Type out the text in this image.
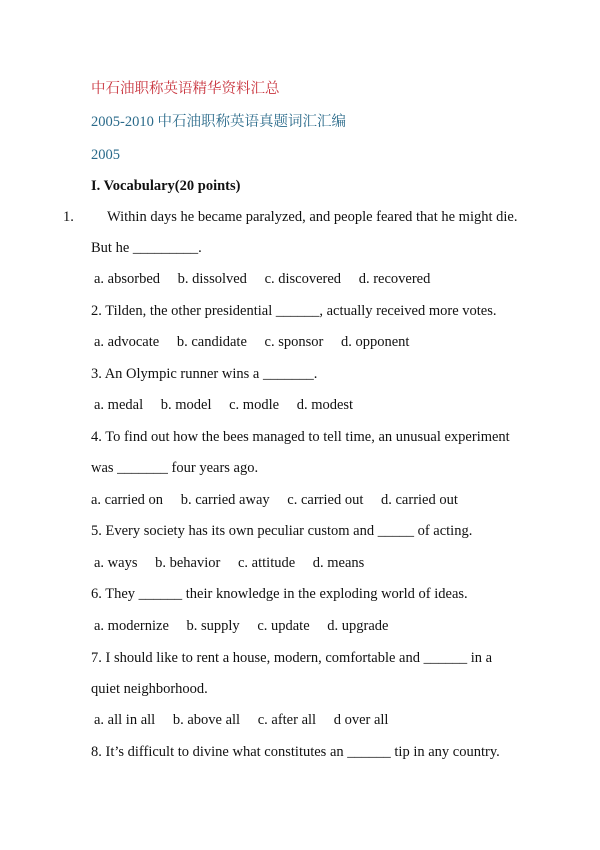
中石油职称英语精华资料汇总
2005-2010 中石油职称英语真题词汇汇编
2005
I. Vocabulary(20 points)
1. Within days he became paralyzed, and people feared that he might die.
But he _________.
a. absorbed b. dissolved c. discovered d. recovered
2. Tilden, the other presidential ______, actually received more votes.
a. advocate b. candidate c. sponsor d. opponent
3. An Olympic runner wins a _______.
a. medal b. model c. modle d. modest
4. To find out how the bees managed to tell time, an unusual experiment
was _______ four years ago.
a. carried on b. carried away c. carried out d. carried out
5. Every society has its own peculiar custom and _____ of acting.
a. ways b. behavior c. attitude d. means
6. They ______ their knowledge in the exploding world of ideas.
a. modernize b. supply c. update d. upgrade
7. I should like to rent a house, modern, comfortable and ______ in a
quiet neighborhood.
a. all in all b. above all c. after all d over all
8. It’s difficult to divine what constitutes an ______ tip in any country.
